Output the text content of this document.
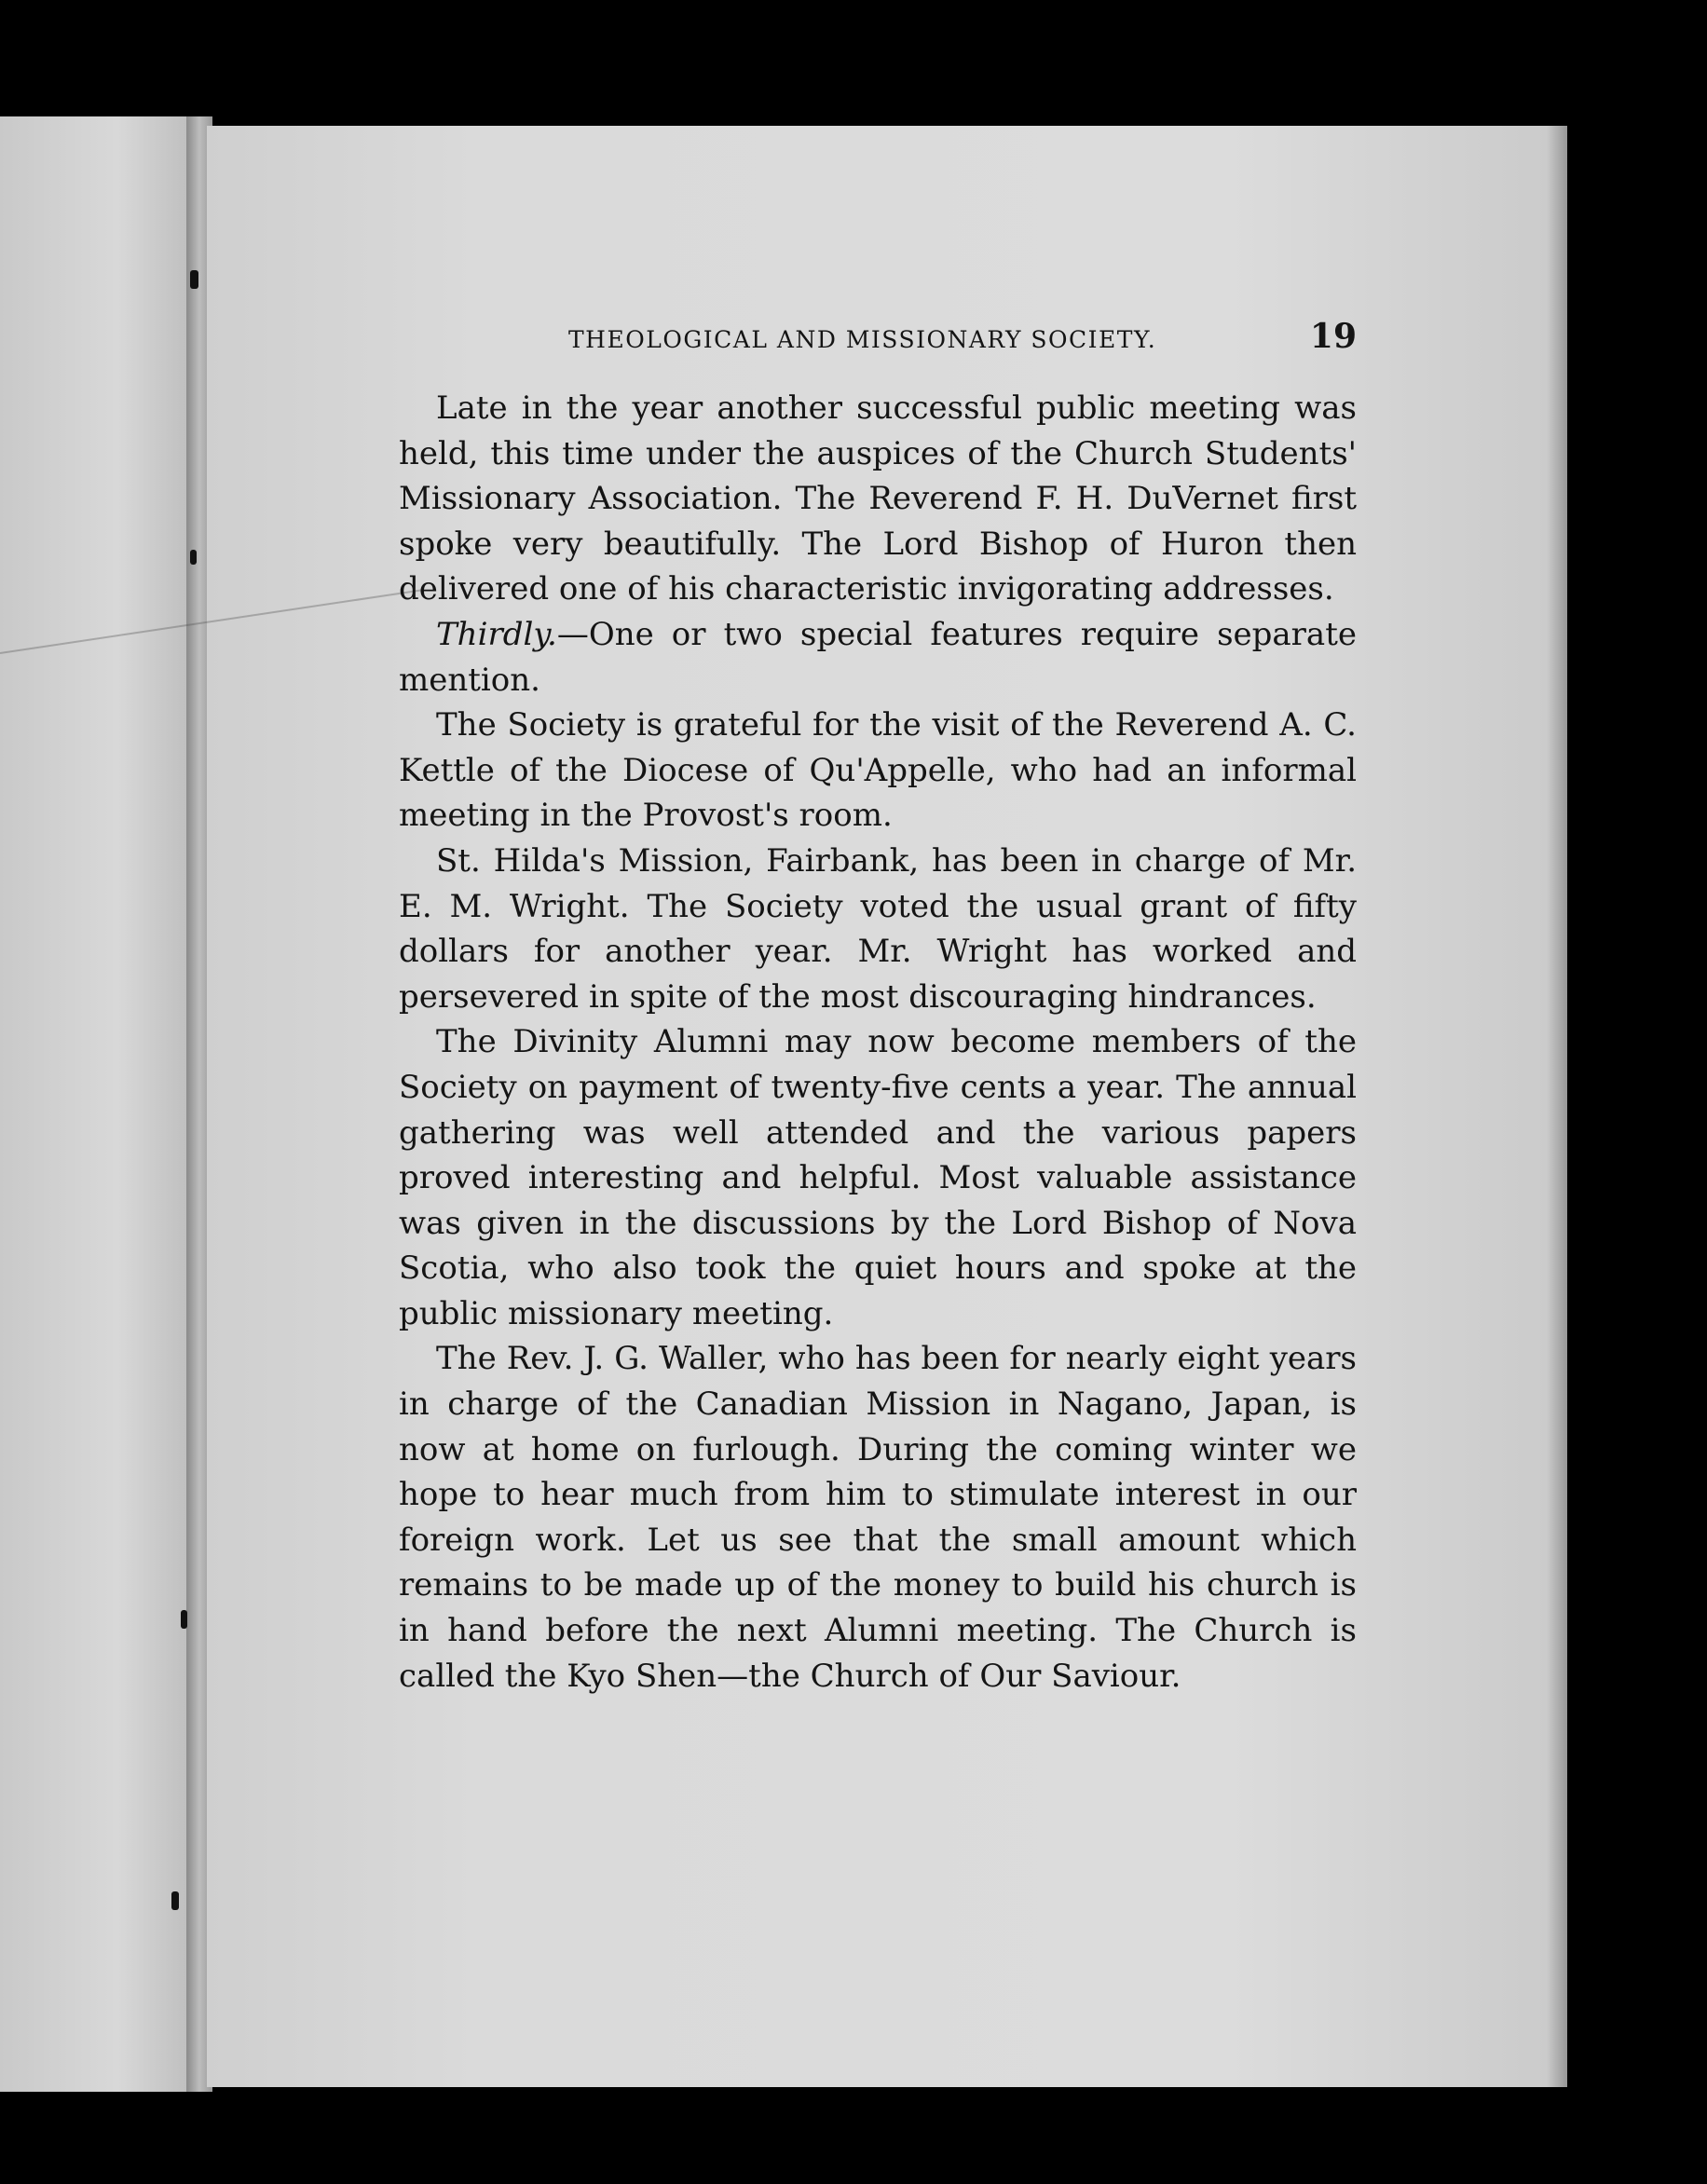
THEOLOGICAL AND MISSIONARY SOCIETY.	19

Late in the year another successful public meeting was held, this time under the auspices of the Church Students' Missionary Association. The Reverend F. H. DuVernet first spoke very beautifully. The Lord Bishop of Huron then delivered one of his characteristic invigorating addresses.

Thirdly.—One or two special features require separate mention.

The Society is grateful for the visit of the Reverend A. C. Kettle of the Diocese of Qu'Appelle, who had an informal meeting in the Provost's room.

St. Hilda's Mission, Fairbank, has been in charge of Mr. E. M. Wright. The Society voted the usual grant of fifty dollars for another year. Mr. Wright has worked and persevered in spite of the most discouraging hindrances.

The Divinity Alumni may now become members of the Society on payment of twenty-five cents a year. The annual gathering was well attended and the various papers proved interesting and helpful. Most valuable assistance was given in the discussions by the Lord Bishop of Nova Scotia, who also took the quiet hours and spoke at the public missionary meeting.

The Rev. J. G. Waller, who has been for nearly eight years in charge of the Canadian Mission in Nagano, Japan, is now at home on furlough. During the coming winter we hope to hear much from him to stimulate interest in our foreign work. Let us see that the small amount which remains to be made up of the money to build his church is in hand before the next Alumni meeting. The Church is called the Kyo Shen—the Church of Our Saviour.
